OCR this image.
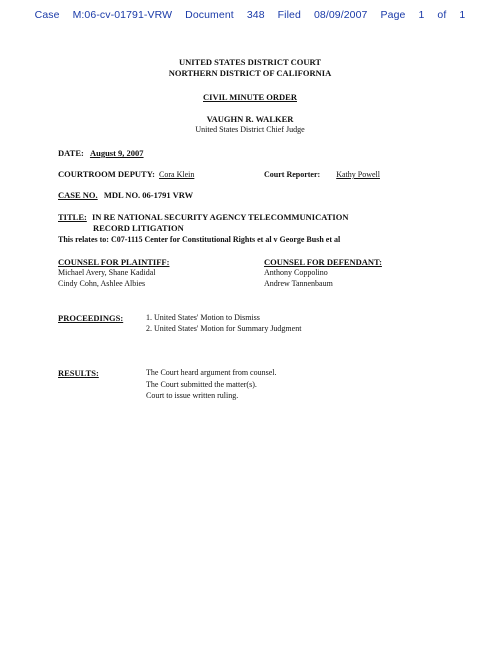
Case M:06-cv-01791-VRW Document 348 Filed 08/09/2007 Page 1 of 1
UNITED STATES DISTRICT COURT
NORTHERN DISTRICT OF CALIFORNIA
CIVIL MINUTE ORDER
VAUGHN R. WALKER
United States District Chief Judge
DATE: August 9, 2007
COURTROOM DEPUTY: Cora Klein	Court Reporter: Kathy Powell
CASE NO. MDL NO. 06-1791 VRW
TITLE: IN RE NATIONAL SECURITY AGENCY TELECOMMUNICATION
RECORD LITIGATION
This relates to: C07-1115 Center for Constitutional Rights et al v George Bush et al
COUNSEL FOR PLAINTIFF:
Michael Avery, Shane Kadidal
Cindy Cohn, Ashlee Albies
COUNSEL FOR DEFENDANT:
Anthony Coppolino
Andrew Tannenbaum
PROCEEDINGS:	1. United States' Motion to Dismiss
2. United States' Motion for Summary Judgment
RESULTS:	The Court heard argument from counsel.
The Court submitted the matter(s).
Court to issue written ruling.
